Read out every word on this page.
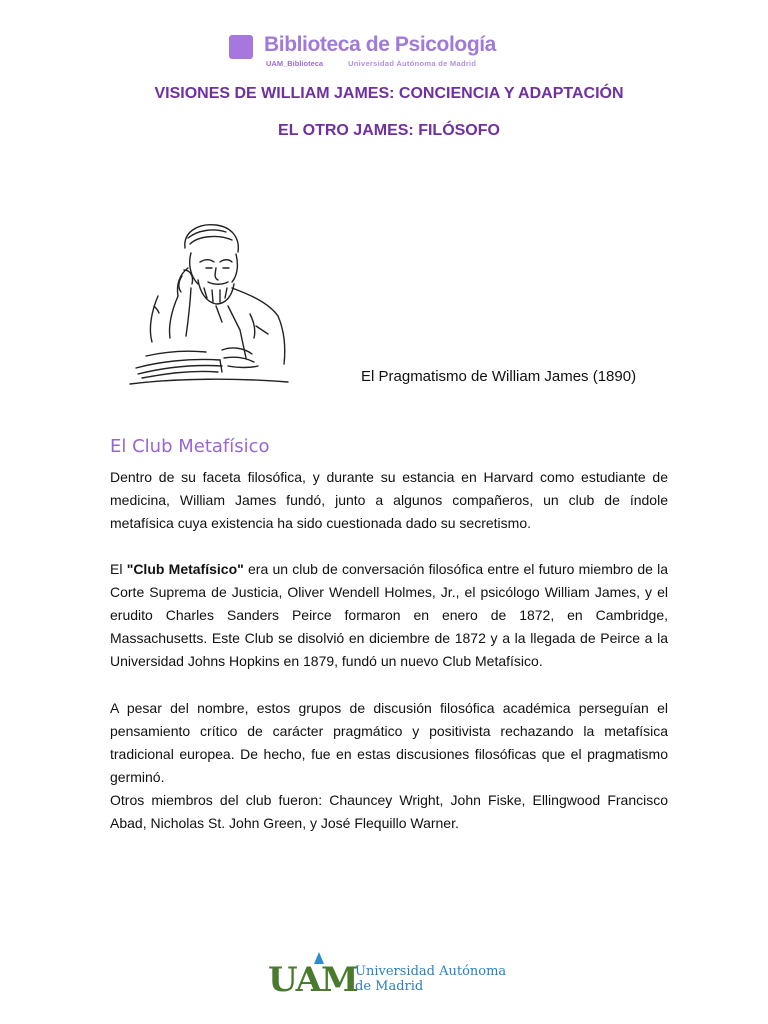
Biblioteca de Psicología
UAM_Biblioteca	Universidad Autónoma de Madrid
VISIONES DE WILLIAM JAMES: CONCIENCIA Y ADAPTACIÓN
EL OTRO JAMES: FILÓSOFO
El Pragmatismo de William James (1890)
El Club Metafísico

Dentro de su faceta filosófica, y durante su estancia en Harvard como estudiante de medicina, William James fundó, junto a algunos compañeros, un club de índole metafísica cuya existencia ha sido cuestionada dado su secretismo.

El "Club Metafísico" era un club de conversación filosófica entre el futuro miembro de la Corte Suprema de Justicia, Oliver Wendell Holmes, Jr., el psicólogo William James, y el erudito Charles Sanders Peirce formaron en enero de 1872, en Cambridge, Massachusetts. Este Club se disolvió en diciembre de 1872 y a la llegada de Peirce a la Universidad Johns Hopkins en 1879, fundó un nuevo Club Metafísico.

A pesar del nombre, estos grupos de discusión filosófica académica perseguían el pensamiento crítico de carácter pragmático y positivista rechazando la metafísica tradicional europea. De hecho, fue en estas discusiones filosóficas que el pragmatismo germinó.

Otros miembros del club fueron: Chauncey Wright, John Fiske, Ellingwood Francisco Abad, Nicholas St. John Green, y José Flequillo Warner.

UAM
Universidad Autónoma
de Madrid
